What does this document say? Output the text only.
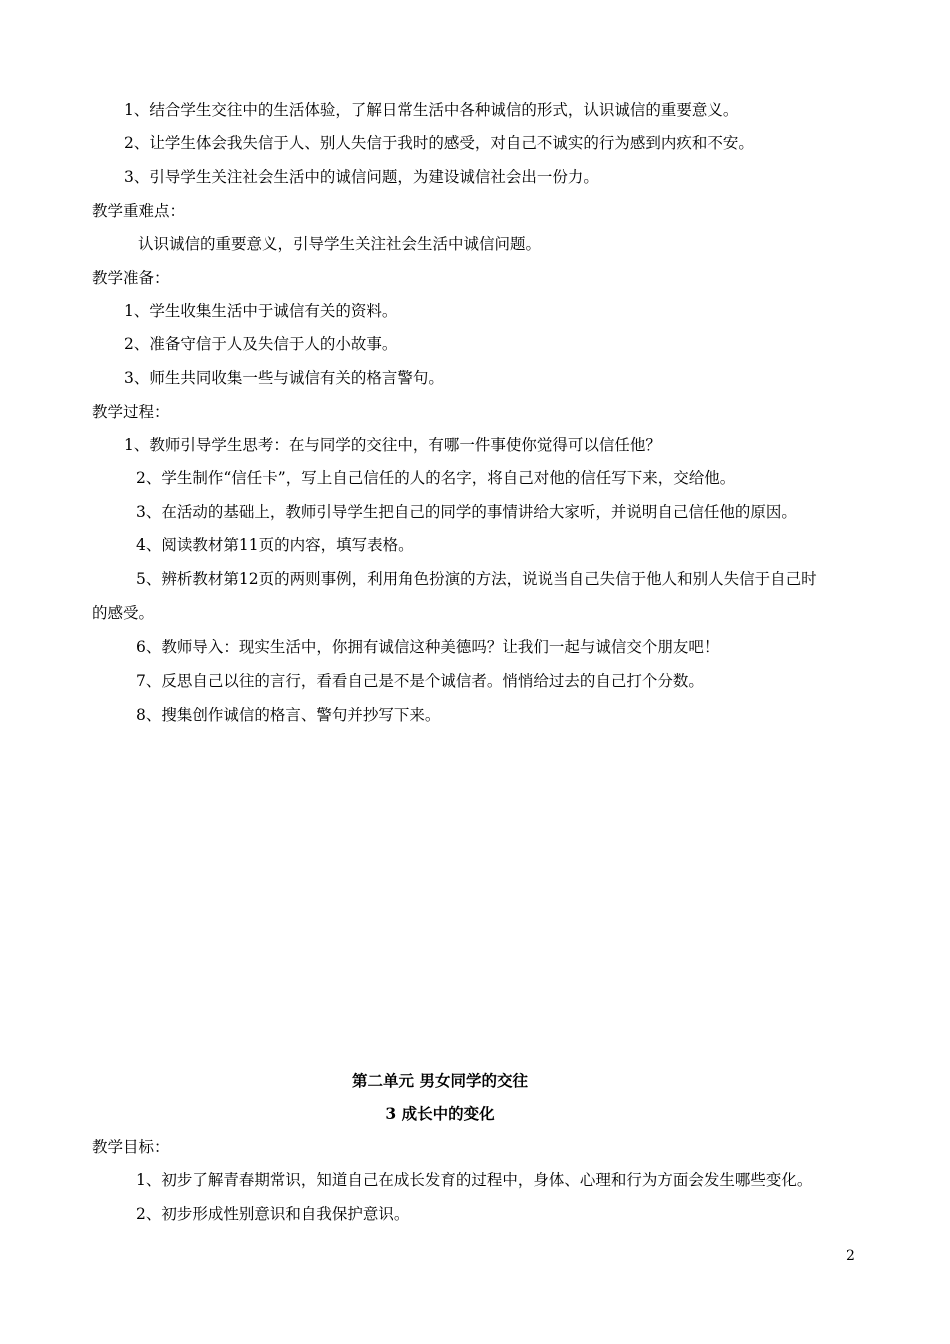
1、结合学生交往中的生活体验，了解日常生活中各种诚信的形式，认识诚信的重要意义。
2、让学生体会我失信于人、别人失信于我时的感受，对自己不诚实的行为感到内疚和不安。
3、引导学生关注社会生活中的诚信问题，为建设诚信社会出一份力。
教学重难点：
认识诚信的重要意义，引导学生关注社会生活中诚信问题。
教学准备：
1、学生收集生活中于诚信有关的资料。
2、准备守信于人及失信于人的小故事。
3、师生共同收集一些与诚信有关的格言警句。
教学过程：
1、教师引导学生思考：在与同学的交往中，有哪一件事使你觉得可以信任他？
2、学生制作“信任卡”，写上自己信任的人的名字，将自己对他的信任写下来，交给他。
3、在活动的基础上，教师引导学生把自己的同学的事情讲给大家听，并说明自己信任他的原因。
4、阅读教材第11页的内容，填写表格。
5、辨析教材第12页的两则事例，利用角色扮演的方法，说说当自己失信于他人和别人失信于自己时
的感受。
6、教师导入：现实生活中，你拥有诚信这种美德吗？让我们一起与诚信交个朋友吧！
7、反思自己以往的言行，看看自己是不是个诚信者。悄悄给过去的自己打个分数。
8、搜集创作诚信的格言、警句并抄写下来。
第二单元 男女同学的交往
3 成长中的变化
教学目标：
1、初步了解青春期常识，知道自己在成长发育的过程中，身体、心理和行为方面会发生哪些变化。
2、初步形成性别意识和自我保护意识。
2
